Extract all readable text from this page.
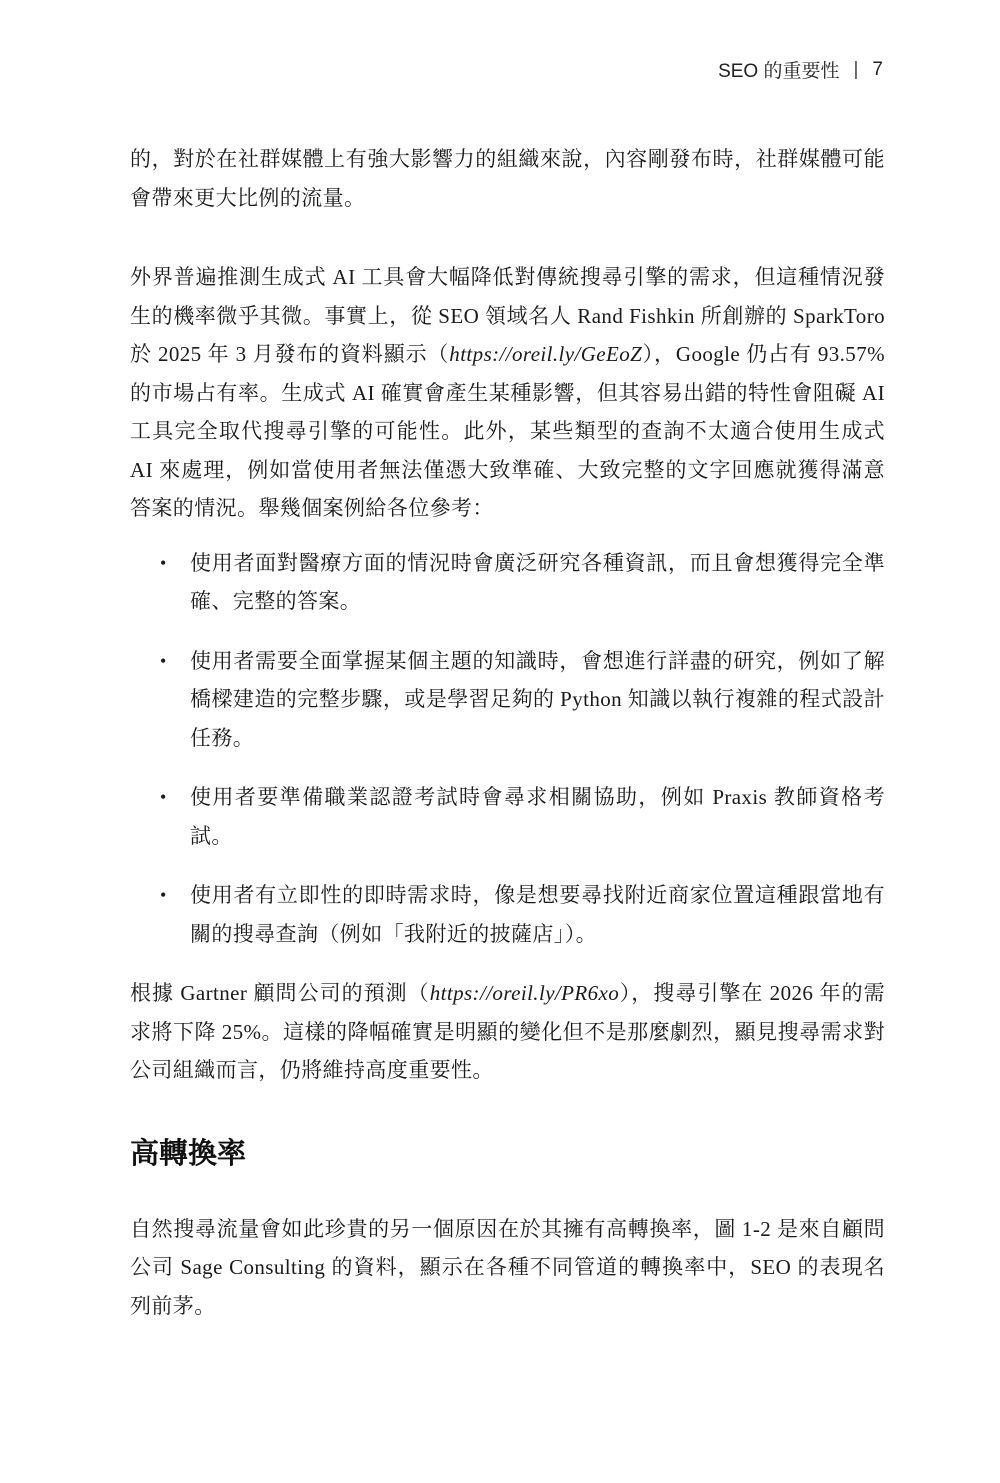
SEO 的重要性 | 7

的，對於在社群媒體上有強大影響力的組織來說，內容剛發布時，社群媒體可能會帶來更大比例的流量。

外界普遍推測生成式 AI 工具會大幅降低對傳統搜尋引擎的需求，但這種情況發生的機率微乎其微。事實上，從 SEO 領域名人 Rand Fishkin 所創辦的 SparkToro 於 2025 年 3 月發布的資料顯示（https://oreil.ly/GeEoZ），Google 仍占有 93.57% 的市場占有率。生成式 AI 確實會產生某種影響，但其容易出錯的特性會阻礙 AI 工具完全取代搜尋引擎的可能性。此外，某些類型的查詢不太適合使用生成式 AI 來處理，例如當使用者無法僅憑大致準確、大致完整的文字回應就獲得滿意答案的情況。舉幾個案例給各位參考：

• 使用者面對醫療方面的情況時會廣泛研究各種資訊，而且會想獲得完全準確、完整的答案。

• 使用者需要全面掌握某個主題的知識時，會想進行詳盡的研究，例如了解橋樑建造的完整步驟，或是學習足夠的 Python 知識以執行複雜的程式設計任務。

• 使用者要準備職業認證考試時會尋求相關協助，例如 Praxis 教師資格考試。

• 使用者有立即性的即時需求時，像是想要尋找附近商家位置這種跟當地有關的搜尋查詢（例如「我附近的披薩店」）。

根據 Gartner 顧問公司的預測（https://oreil.ly/PR6xo），搜尋引擎在 2026 年的需求將下降 25%。這樣的降幅確實是明顯的變化但不是那麼劇烈，顯見搜尋需求對公司組織而言，仍將維持高度重要性。

高轉換率

自然搜尋流量會如此珍貴的另一個原因在於其擁有高轉換率，圖 1-2 是來自顧問公司 Sage Consulting 的資料，顯示在各種不同管道的轉換率中，SEO 的表現名列前茅。
